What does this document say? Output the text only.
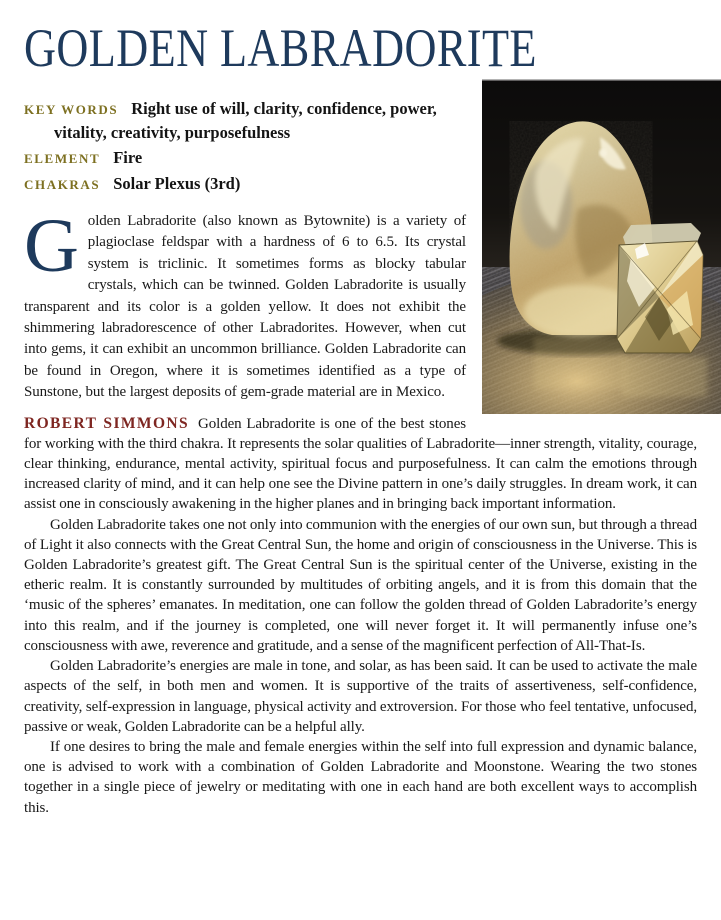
GOLDEN LABRADORITE

KEY WORDS Right use of will, clarity, confidence, power, vitality, creativity, purposefulness

ELEMENT Fire

CHAKRAS Solar Plexus (3rd)

Golden Labradorite (also known as Bytownite) is a variety of plagioclase feldspar with a hardness of 6 to 6.5. Its crystal system is triclinic. It sometimes forms as blocky tabular crystals, which can be twinned. Golden Labradorite is usually transparent and its color is a golden yellow. It does not exhibit the shimmering labradorescence of other Labradorites. However, when cut into gems, it can exhibit an uncommon brilliance. Golden Labradorite can be found in Oregon, where it is sometimes identified as a type of Sunstone, but the largest deposits of gem-grade material are in Mexico.

ROBERT SIMMONS Golden Labradorite is one of the best stones for working with the third chakra. It represents the solar qualities of Labradorite—inner strength, vitality, courage, clear thinking, endurance, mental activity, spiritual focus and purposefulness. It can calm the emotions through increased clarity of mind, and it can help one see the Divine pattern in one’s daily struggles. In dream work, it can assist one in consciously awakening in the higher planes and in bringing back important information.

Golden Labradorite takes one not only into communion with the energies of our own sun, but through a thread of Light it also connects with the Great Central Sun, the home and origin of consciousness in the Universe. This is Golden Labradorite’s greatest gift. The Great Central Sun is the spiritual center of the Universe, existing in the etheric realm. It is constantly surrounded by multitudes of orbiting angels, and it is from this domain that the ‘music of the spheres’ emanates. In meditation, one can follow the golden thread of Golden Labradorite’s energy into this realm, and if the journey is completed, one will never forget it. It will permanently infuse one’s consciousness with awe, reverence and gratitude, and a sense of the magnificent perfection of All-That-Is.

Golden Labradorite’s energies are male in tone, and solar, as has been said. It can be used to activate the male aspects of the self, in both men and women. It is supportive of the traits of assertiveness, self-confidence, creativity, self-expression in language, physical activity and extroversion. For those who feel tentative, unfocused, passive or weak, Golden Labradorite can be a helpful ally.

If one desires to bring the male and female energies within the self into full expression and dynamic balance, one is advised to work with a combination of Golden Labradorite and Moonstone. Wearing the two stones together in a single piece of jewelry or meditating with one in each hand are both excellent ways to accomplish this.
